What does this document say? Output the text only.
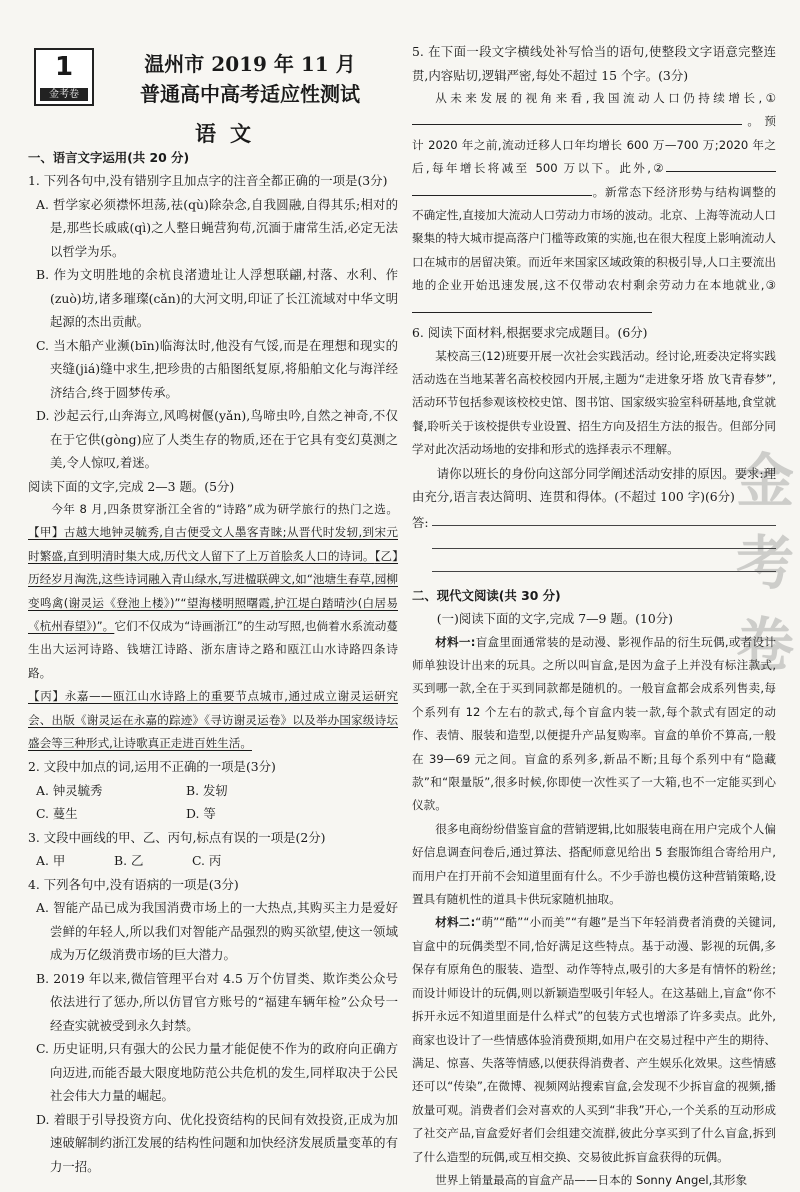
1
金考卷
温州市 2019 年 11 月
普通高中高考适应性测试
语文

一、语言文字运用(共 20 分)

1. 下列各句中,没有错别字且加点字的注音全都正确的一项是(3分)

A. 哲学家必须襟怀坦荡,祛(qù)除杂念,自我圆融,自得其乐;相对的是,那些长戚戚(qì)之人整日蝇营狗苟,沉湎于庸常生活,必定无法以哲学为乐。

B. 作为文明胜地的余杭良渚遗址让人浮想联翩,村落、水利、作(zuò)坊,诸多璀璨(cǎn)的大河文明,印证了长江流域对中华文明起源的杰出贡献。

C. 当木船产业濒(bīn)临海汰时,他没有气馁,而是在理想和现实的夹缝(jiá)缝中求生,把珍贵的古船图纸复原,将船舶文化与海洋经济结合,终于圆梦传承。

D. 沙起云行,山奔海立,风鸣树偃(yǎn),鸟啼虫吟,自然之神奇,不仅在于它供(gòng)应了人类生存的物质,还在于它具有变幻莫测之美,令人惊叹,着迷。

阅读下面的文字,完成 2—3 题。(5分)

今年 8 月,四条贯穿浙江全省的“诗路”成为研学旅行的热门之选。【甲】古越大地钟灵毓秀,自古便受文人墨客青睐;从晋代时发轫,到宋元时繁盛,直到明清时集大成,历代文人留下了上万首脍炙人口的诗词。【乙】历经岁月淘洗,这些诗词融入青山绿水,写进楹联碑文,如“池塘生春草,园柳变鸣禽(谢灵运《登池上楼》)”“望海楼明照曙霞,护江堤白踏晴沙(白居易《杭州春望》)”。它们不仅成为“诗画浙江”的生动写照,也倘着水系流动蔓生出大运河诗路、钱塘江诗路、浙东唐诗之路和瓯江山水诗路四条诗路。

【丙】永嘉——瓯江山水诗路上的重要节点城市,通过成立谢灵运研究会、出版《谢灵运在永嘉的踪迹》《寻访谢灵运卷》以及举办国家级诗坛盛会等三种形式,让诗歌真正走进百姓生活。

2. 文段中加点的词,运用不正确的一项是(3分)

A. 钟灵毓秀	B. 发轫
C. 蔓生	D. 等

3. 文段中画线的甲、乙、丙句,标点有误的一项是(2分)

A. 甲	B. 乙	C. 丙

4. 下列各句中,没有语病的一项是(3分)

A. 智能产品已成为我国消费市场上的一大热点,其购买主力是爱好尝鲜的年轻人,所以我们对智能产品强烈的购买欲望,使这一领域成为万亿级消费市场的巨大潜力。

B. 2019 年以来,微信管理平台对 4.5 万个仿冒类、欺诈类公众号依法进行了惩办,所以仿冒官方账号的“福建车辆年检”公众号一经查实就被受到永久封禁。

C. 历史证明,只有强大的公民力量才能促使不作为的政府向正确方向迈进,而能否最大限度地防范公共危机的发生,同样取决于公民社会伟大力量的崛起。

D. 着眼于引导投资方向、优化投资结构的民间有效投资,正成为加速破解制约浙江发展的结构性问题和加快经济发展质量变革的有力一招。

5. 在下面一段文字横线处补写恰当的语句,使整段文字语意完整连贯,内容贴切,逻辑严密,每处不超过 15 个字。(3分)

从未来发展的视角来看,我国流动人口仍持续增长,①。预计 2020 年之前,流动迁移人口年均增长 600 万—700 万;2020 年之后,每年增长将减至 500 万以下。此外,②。新常态下经济形势与结构调整的不确定性,直接加大流动人口劳动力市场的波动。北京、上海等流动人口聚集的特大城市提高落户门槛等政策的实施,也在很大程度上影响流动人口在城市的居留决策。而近年来国家区域政策的积极引导,人口主要流出地的企业开始迅速发展,这不仅带动农村剩余劳动力在本地就业,③

6. 阅读下面材料,根据要求完成题目。(6分)

某校高三(12)班要开展一次社会实践活动。经讨论,班委决定将实践活动选在当地某著名高校校园内开展,主题为“走进象牙塔 放飞青春梦”,活动环节包括参观该校校史馆、图书馆、国家级实验室科研基地,食堂就餐,聆听关于该校提供专业设置、招生方向及招生方法的报告。但部分同学对此次活动场地的安排和形式的选择表示不理解。

请你以班长的身份向这部分同学阐述活动安排的原因。要求:理由充分,语言表达简明、连贯和得体。(不超过 100 字)(6分)

答:

二、现代文阅读(共 30 分)

(一)阅读下面的文字,完成 7—9 题。(10分)

材料一:盲盒里面通常装的是动漫、影视作品的衍生玩偶,或者设计师单独设计出来的玩具。之所以叫盲盒,是因为盒子上并没有标注款式,买到哪一款,全在于买到同款都是随机的。一般盲盒都会成系列售卖,每个系列有 12 个左右的款式,每个盲盒内装一款,每个款式有固定的动作、表情、服装和造型,以便提升产品复购率。盲盒的单价不算高,一般在 39—69 元之间。盲盒的系列多,新品不断;且每个系列中有“隐藏款”和“限量版”,很多时候,你即使一次性买了一大箱,也不一定能买到心仪款。

很多电商纷纷借鉴盲盒的营销逻辑,比如服装电商在用户完成个人偏好信息调查问卷后,通过算法、搭配师意见给出 5 套服饰组合寄给用户,而用户在打开前不会知道里面有什么。不少手游也模仿这种营销策略,设置具有随机性的道具卡供玩家随机抽取。

材料二:“萌”“酷”“小而美”“有趣”是当下年轻消费者消费的关键词,盲盒中的玩偶类型不同,恰好满足这些特点。基于动漫、影视的玩偶,多保存有原角色的服装、造型、动作等特点,吸引的大多是有情怀的粉丝;而设计师设计的玩偶,则以新颖造型吸引年轻人。在这基础上,盲盒“你不拆开永远不知道里面是什么样式”的包装方式也增添了许多卖点。此外,商家也设计了一些情感体验消费预期,如用户在交易过程中产生的期待、满足、惊喜、失落等情感,以便获得消费者、产生娱乐化效果。这些情感还可以“传染”,在微博、视频网站搜索盲盒,会发现不少拆盲盒的视频,播放量可观。消费者们会对喜欢的人买到“非我”开心,一个关系的互动形成了社交产品,盲盒爱好者们会组建交流群,彼此分享买到了什么盲盒,拆到了什么造型的玩偶,或互相交换、交易彼此拆盲盒获得的玩偶。

世界上销量最高的盲盒产品——日本的 Sonny Angel,其形象

金考卷
